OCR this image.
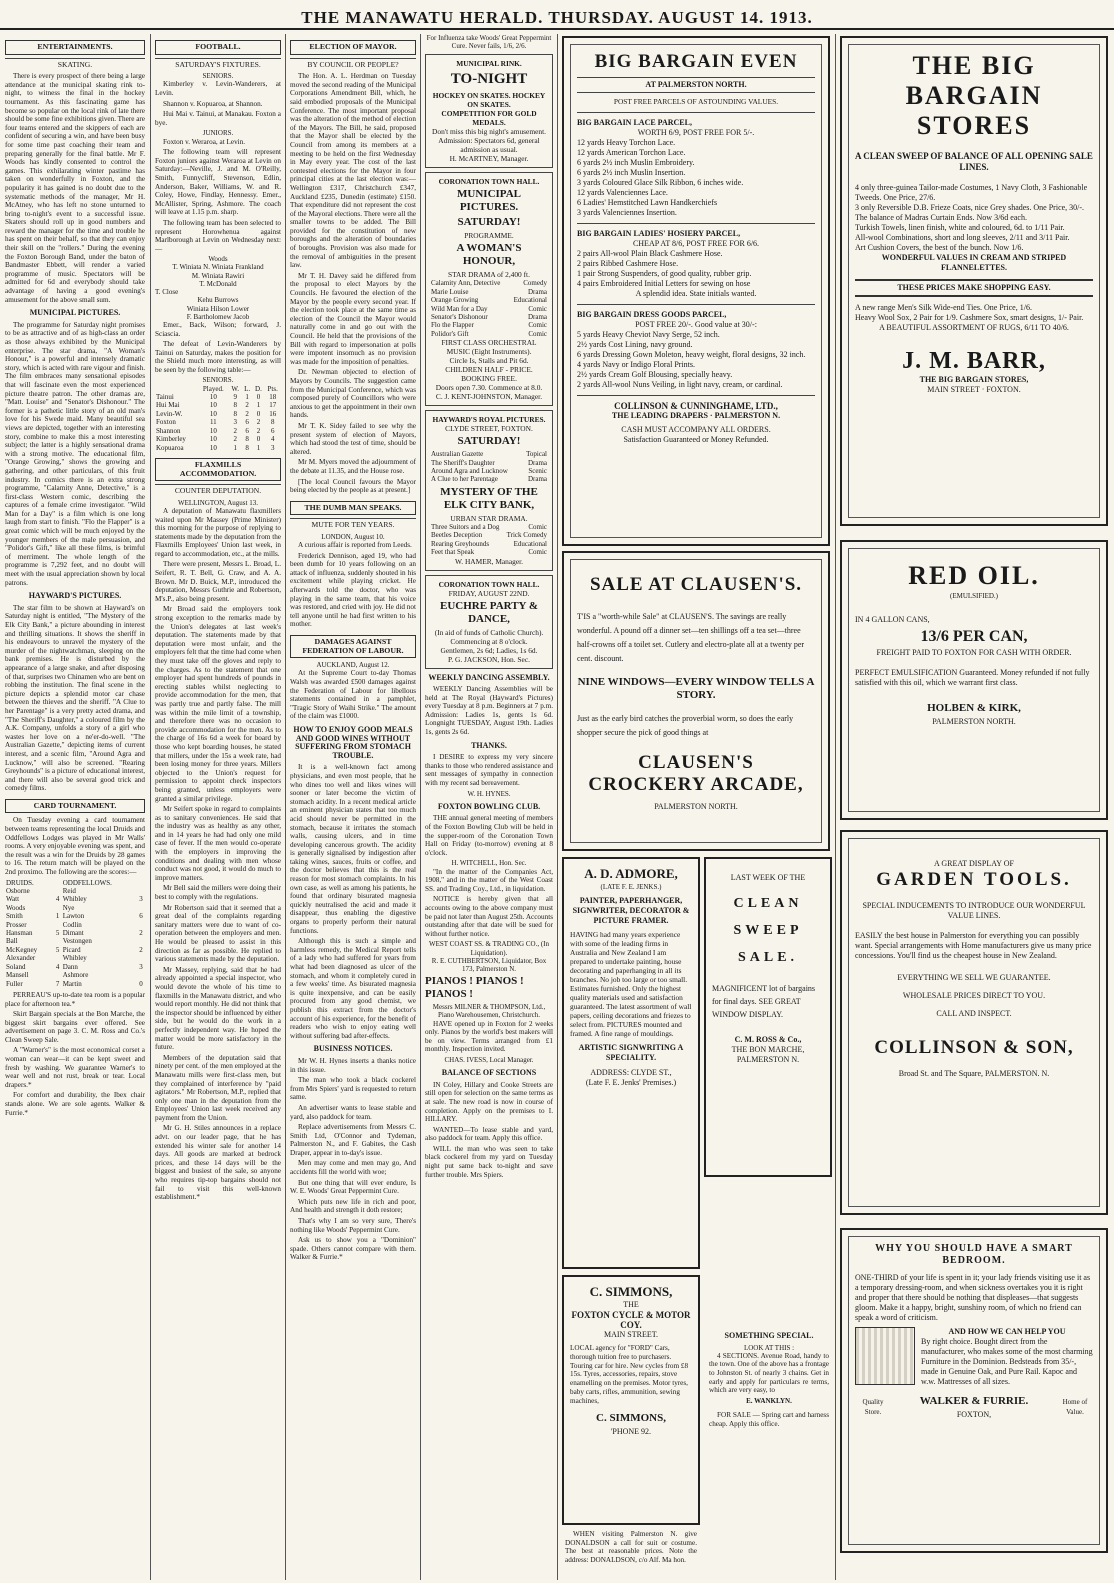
THE MANAWATU HERALD. THURSDAY. AUGUST 14. 1913.
ENTERTAINMENTS.
SKATING.
There is every prospect of there being a large attendance at the municipal skating rink to-night, to witness the final in the hockey tournament. As this fascinating game has become so popular on the local rink of late there should be some fine exhibitions given. There are four teams entered and the skippers of each are confident of securing a win, and have been busy for some time past coaching their team and preparing generally for the final battle. Mr F. Woods has kindly consented to control the games. This exhilarating winter pastime has taken on wonderfully in Foxton, and the popularity it has gained is no doubt due to the systematic methods of the manager, Mr H. McAtney, who has left no stone unturned to bring to-night's event to a successful issue. Skaters should roll up in good numbers and reward the manager for the time and trouble he has spent on their behalf, so that they can enjoy their skill on the "rollers." During the evening the Foxton Borough Band, under the baton of Bandmaster Ebbett, will render a varied programme of music. Spectators will be admitted for 6d and everybody should take advantage of having a good evening's amusement for the above small sum.
MUNICIPAL PICTURES.
The programme for Saturday night promises to be as attractive and of as high-class an order as those always exhibited by the Municipal enterprise. The star drama, "A Woman's Honour," is a powerful and intensely dramatic story, which is acted with rare vigour and finish. The film embraces many sensational episodes that will fascinate even the most experienced picture theatre patron. The other dramas are, "Matt. Louise" and "Senator's Dishonour." The former is a pathetic little story of an old man's love for his Swede maid. Many beautiful sea views are depicted, together with an interesting story, combine to make this a most interesting subject; the latter is a highly sensational drama with a strong motive. The educational film, "Orange Growing," shows the growing and gathering, and other particulars, of this fruit industry. In comics there is an extra strong programme, "Calamity Anne, Detective," is a first-class Western comic, describing the captures of a female crime investigator. "Wild Man for a Day" is a film which is one long laugh from start to finish. "Flo the Flapper" is a great comic which will be much enjoyed by the younger members of the male persuasion, and "Polidor's Gift," like all these films, is brimful of merriment. The whole length of the programme is 7,292 feet, and no doubt will meet with the usual appreciation shown by local patrons.
HAYWARD'S PICTURES.
The star film to be shown at Hayward's on Saturday night is entitled, "The Mystery of the Elk City Bank," a picture abounding in interest and thrilling situations. It shows the sheriff in his endeavours to unravel the mystery of the murder of the nightwatchman, sleeping on the bank premises. He is disturbed by the appearance of a large snake, and after disposing of that, surprises two Chinamen who are bent on robbing the institution. The final scene in the picture depicts a splendid motor car chase between the thieves and the sheriff. "A Clue to her Parentage" is a very pretty acted drama, and "The Sheriff's Daughter," a coloured film by the A.K. Company, unfolds a story of a girl who wastes her love on a ne'er-do-well. "The Australian Gazette," depicting items of current interest, and a scenic film, "Around Agra and Lucknow," will also be screened. "Rearing Greyhounds" is a picture of educational interest, and there will also be several good trick and comedy films.
CARD TOURNAMENT.
On Tuesday evening a card tournament between teams representing the local Druids and Oddfellows Lodges was played in Mr Walls' rooms. A very enjoyable evening was spent, and the result was a win for the Druids by 28 games to 16. The return match will be played on the 2nd proximo. The following are the scores:—
DRUIDS.		ODDFELLOWS.	
Osborne		Reid	
Watt	4	Whibley	3
Woods		Nye	
Smith	1	Lawton	6
Prosser		Codlin	
Hansman	5	Dimant	2
Ball		Vestongen	
McKegney	5	Picard	2
Alexander		Whibley	
Soland	4	Dann	3
Mansell		Ashmore	
Fuller	7	Martin	0
PERREAU'S up-to-date tea room is a popular place for afternoon tea.*
Skirt Bargain specials at the Bon Marche, the biggest skirt bargains ever offered. See advertisement on page 3. C. M. Ross and Co.'s Clean Sweep Sale.
A "Warner's" is the most economical corset a woman can wear—it can be kept sweet and fresh by washing. We guarantee Warner's to wear well and not rust, break or tear. Local drapers.*
For comfort and durability, the Ibex chair stands alone. We are sole agents. Walker & Furrie.*
FOOTBALL.
SATURDAY'S FIXTURES.
SENIORS.
Kimberley v. Levin-Wanderers, at Levin.
Shannon v. Kopuaroa, at Shannon.
Hui Mai v. Tainui, at Manakau. Foxton a bye.
JUNIORS.
Foxton v. Weraroa, at Levin.
The following team will represent Foxton juniors against Weraroa at Levin on Saturday:—Neville, J. and M. O'Reilly, Smith, Funnycliff, Stevenson, Edlin, Anderson, Baker, Williams, W. and R. Coley, Howe, Findlay, Hennessy. Emer., McAllister, Spring, Ashmore. The coach will leave at 1.15 p.m. sharp.
The following team has been selected to represent Horowhenua against Marlborough at Levin on Wednesday next:—
Woods
T. Winiata N. Winiata Frankland
M. Winiata Rawiri
T. McDonald
T. Close
Kehu Burrows
Winiata Hilson Lower
F. Bartholomew Jacob
Emer., Back, Wilson; forward, J. Sciascia.
The defeat of Levin-Wanderers by Tainui on Saturday, makes the position for the Shield much more interesting, as will be seen by the following table:—
SENIORS.
	Played.	W.	L.	D.	Pts.
Tainui	10	9	1	0	18
Hui Mai	10	8	2	1	17
Levin-W.	10	8	2	0	16
Foxton	11	3	6	2	8
Shannon	10	2	6	2	6
Kimberley	10	2	8	0	4
Kopuaroa	10	1	8	1	3
FLAXMILLS ACCOMMODATION.
COUNTER DEPUTATION.
WELLINGTON, August 13.
A deputation of Manawatu flaxmillers waited upon Mr Massey (Prime Minister) this morning for the purpose of replying to statements made by the deputation from the Flaxmills Employees' Union last week, in regard to accommodation, etc., at the mills.
There were present, Messrs L. Broad, L. Seifert, R. T. Bell, G. Craw, and A. A. Brown. Mr D. Buick, M.P., introduced the deputation, Messrs Guthrie and Robertson, M's.P., also being present.
Mr Broad said the employers took strong exception to the remarks made by the Union's delegates at last week's deputation. The statements made by that deputation were most unfair, and the employers felt that the time had come when they must take off the gloves and reply to the charges. As to the statement that one employer had spent hundreds of pounds in erecting stables whilst neglecting to provide accommodation for the men, that was partly true and partly false. The mill was within the mile limit of a township, and therefore there was no occasion to provide accommodation for the men. As to the charge of 16s 6d a week for board by those who kept boarding houses, he stated that millers, under the 15s a week rate, had been losing money for three years. Millers objected to the Union's request for permission to appoint check inspectors being granted, unless employers were granted a similar privilege.
Mr Seifert spoke in regard to complaints as to sanitary conveniences. He said that the industry was as healthy as any other, and in 14 years he had had only one mild case of fever. If the men would co-operate with the employers in improving the conditions and dealing with men whose conduct was not good, it would do much to improve matters.
Mr Bell said the millers were doing their best to comply with the regulations.
Mr Robertson said that it seemed that a great deal of the complaints regarding sanitary matters were due to want of co-operation between the employers and men. He would be pleased to assist in this direction as far as possible. He replied to various statements made by the deputation.
Mr Massey, replying, said that he had already appointed a special inspector, who would devote the whole of his time to flaxmills in the Manawatu district, and who would report monthly. He did not think that the inspector should be influenced by either side, but he would do the work in a perfectly independent way. He hoped the matter would be more satisfactory in the future.
Members of the deputation said that ninety per cent. of the men employed at the Manawatu mills were first-class men, but they complained of interference by "paid agitators." Mr Robertson, M.P., replied that only one man in the deputation from the Employees' Union last week received any payment from the Union.
Mr G. H. Stiles announces in a replace advt. on our leader page, that he has extended his winter sale for another 14 days. All goods are marked at bedrock prices, and these 14 days will be the biggest and busiest of the sale, so anyone who requires tip-top bargains should not fail to visit this well-known establishment.*
ELECTION OF MAYOR.
BY COUNCIL OR PEOPLE?
The Hon. A. L. Herdman on Tuesday moved the second reading of the Municipal Corporations Amendment Bill, which, he said embodied proposals of the Municipal Conference. The most important proposal was the alteration of the method of election of the Mayors. The Bill, he said, proposed that the Mayor shall be elected by the Council from among its members at a meeting to be held on the first Wednesday in May every year. The cost of the last contested elections for the Mayor in four principal cities at the last election was:—Wellington £317, Christchurch £347, Auckland £235, Dunedin (estimate) £150. That expenditure did not represent the cost of the Mayoral elections. There were all the smaller towns to be added. The Bill provided for the constitution of new boroughs and the alteration of boundaries of boroughs. Provision was also made for the removal of ambiguities in the present law.
Mr T. H. Davey said he differed from the proposal to elect Mayors by the Councils. He favoured the election of the Mayor by the people every second year. If the election took place at the same time as election of the Council the Mayor would naturally come in and go out with the Council. He held that the provisions of the Bill with regard to impersonation at polls were impotent insomuch as no provision was made for the imposition of penalties.
Dr. Newman objected to election of Mayors by Councils. The suggestion came from the Municipal Conference, which was composed purely of Councillors who were anxious to get the appointment in their own hands.
Mr T. K. Sidey failed to see why the present system of election of Mayors, which had stood the test of time, should be altered.
Mr M. Myers moved the adjournment of the debate at 11.35, and the House rose.
[The local Council favours the Mayor being elected by the people as at present.]
THE DUMB MAN SPEAKS.
MUTE FOR TEN YEARS.
LONDON, August 10.
A curious affair is reported from Leeds.
Frederick Dennison, aged 19, who had been dumb for 10 years following on an attack of influenza, suddenly shouted in his excitement while playing cricket. He afterwards told the doctor, who was playing in the same team, that his voice was restored, and cried with joy. He did not tell anyone until he had first written to his mother.
DAMAGES AGAINST FEDERATION OF LABOUR.
AUCKLAND, August 12.
At the Supreme Court to-day Thomas Walsh was awarded £500 damages against the Federation of Labour for libellous statements contained in a pamphlet, "Tragic Story of Waihi Strike." The amount of the claim was £1000.
HOW TO ENJOY GOOD MEALS AND GOOD WINES WITHOUT SUFFERING FROM STOMACH TROUBLE.
It is a well-known fact among physicians, and even most people, that he who dines too well and likes wines will sooner or later become the victim of stomach acidity. In a recent medical article an eminent physician states that too much acid should never be permitted in the stomach, because it irritates the stomach walls, causing ulcers, and in time developing cancerous growth. The acidity is generally signalised by indigestion after taking wines, sauces, fruits or coffee, and the doctor believes that this is the real reason for most stomach complaints. In his own case, as well as among his patients, he found that ordinary bisurated magnesia quickly neutralised the acid and made it disappear, thus enabling the digestive organs to properly perform their natural functions.
Although this is such a simple and harmless remedy, the Medical Report tells of a lady who had suffered for years from what had been diagnosed as ulcer of the stomach, and whom it completely cured in a few weeks' time. As bisurated magnesia is quite inexpensive, and can be easily procured from any good chemist, we publish this extract from the doctor's account of his experience, for the benefit of readers who wish to enjoy eating well without suffering bad after-effects.
BUSINESS NOTICES.
Mr W. H. Hynes inserts a thanks notice in this issue.
The man who took a black cockerel from Mrs Spiers' yard is requested to return same.
An advertiser wants to lease stable and yard, also paddock for team.
Replace advertisements from Messrs C. Smith Ltd, O'Connor and Tydeman, Palmerston N., and F. Gabites, the Cash Draper, appear in to-day's issue.
Men may come and men may go, And accidents fill the world with woe;
But one thing that will ever endure, Is W. E. Woods' Great Peppermint Cure.
Which puts new life in rich and poor, And health and strength it doth restore;
That's why I am so very sure, There's nothing like Woods' Peppermint Cure.
Ask us to show you a "Dominion" spade. Others cannot compare with them. Walker & Furrie.*
For Influenza take Woods' Great Peppermint Cure. Never fails, 1/6, 2/6.
MUNICIPAL RINK.
TO-NIGHT
HOCKEY ON SKATES. HOCKEY ON SKATES.
COMPETITION FOR GOLD MEDALS.
Don't miss this big night's amusement.
Admission: Spectators 6d, general admission as usual.
H. McARTNEY, Manager.
CORONATION TOWN HALL.
MUNICIPAL PICTURES.
SATURDAY!
PROGRAMME.
A WOMAN'S HONOUR,
STAR DRAMA of 2,400 ft.
Calamity Ann, Detective	Comedy
Marie Louise	Drama
Orange Growing	Educational
Wild Man for a Day	Comic
Senator's Dishonour	Drama
Flo the Flapper	Comic
Polidor's Gift	Comic
FIRST CLASS ORCHESTRAL MUSIC (Eight Instruments).
Circle Is, Stalls and Pit 6d. CHILDREN HALF - PRICE. BOOKING FREE.
Doors open 7.30. Commence at 8.0.
C. J. KENT-JOHNSTON, Manager.
HAYWARD'S ROYAL PICTURES.
CLYDE STREET, FOXTON.
SATURDAY!
Australian Gazette	Topical
The Sheriff's Daughter	Drama
Around Agra and Lucknow	Scenic
A Clue to her Parentage	Drama
MYSTERY OF THE ELK CITY BANK,
URBAN STAR DRAMA.
Three Suitors and a Dog	Comic
Beetles Deception	Trick Comedy
Rearing Greyhounds	Educational
Feet that Speak	Comic
W. HAMER, Manager.
CORONATION TOWN HALL.
FRIDAY, AUGUST 22ND.
EUCHRE PARTY & DANCE,
(In aid of funds of Catholic Church). Commencing at 8 o'clock.
Gentlemen, 2s 6d; Ladies, 1s 6d.
P. G. JACKSON, Hon. Sec.
WEEKLY DANCING ASSEMBLY.
WEEKLY Dancing Assemblies will be held at The Royal (Hayward's Pictures) every Tuesday at 8 p.m. Beginners at 7 p.m. Admission: Ladies 1s, gents 1s 6d. Longnight TUESDAY, August 19th. Ladies 1s, gents 2s 6d.
THANKS.
I DESIRE to express my very sincere thanks to those who rendered assistance and sent messages of sympathy in connection with my recent sad bereavement.
W. H. HYNES.
FOXTON BOWLING CLUB.
THE annual general meeting of members of the Foxton Bowling Club will be held in the supper-room of the Coronation Town Hall on Friday (to-morrow) evening at 8 o'clock.
H. WITCHELL, Hon. Sec.
"In the matter of the Companies Act, 1908," and in the matter of the West Coast SS. and Trading Coy., Ltd., in liquidation.
NOTICE is hereby given that all accounts owing to the above company must be paid not later than August 25th. Accounts outstanding after that date will be sued for without further notice.
WEST COAST SS. & TRADING CO., (In Liquidation).
R. E. CUTHBERTSON, Liquidator, Box 173, Palmerston N.
PIANOS ! PIANOS ! PIANOS !
Messrs MILNER & THOMPSON, Ltd.,
Piano Warehousemen, Christchurch.
HAVE opened up in Foxton for 2 weeks only. Pianos by the world's best makers will be on view. Terms arranged from £1 monthly. Inspection invited.
CHAS. IVESS, Local Manager.
BALANCE OF SECTIONS
IN Coley, Hillary and Cooke Streets are still open for selection on the same terms as at sale. The new road is now in course of completion. Apply on the premises to I. HILLARY.
WANTED—To lease stable and yard, also paddock for team. Apply this office.
WILL the man who was seen to take black cockerel from my yard on Tuesday night put same back to-night and save further trouble. Mrs Spiers.
BIG BARGAIN EVEN
AT PALMERSTON NORTH.
POST FREE PARCELS OF ASTOUNDING VALUES.
BIG BARGAIN LACE PARCEL,
WORTH 6/9, POST FREE FOR 5/-.
12 yards Heavy Torchon Lace.
12 yards American Torchon Lace.
6 yards 2½ inch Muslin Embroidery.
6 yards 2½ inch Muslin Insertion.
3 yards Coloured Glace Silk Ribbon, 6 inches wide.
12 yards Valenciennes Lace.
6 Ladies' Hemstitched Lawn Handkerchiefs
3 yards Valenciennes Insertion.
BIG BARGAIN LADIES' HOSIERY PARCEL,
CHEAP AT 8/6, POST FREE FOR 6/6.
2 pairs All-wool Plain Black Cashmere Hose.
2 pairs Ribbed Cashmere Hose.
1 pair Strong Suspenders, of good quality, rubber grip.
4 pairs Embroidered Initial Letters for sewing on hose
A splendid idea. State initials wanted.
BIG BARGAIN DRESS GOODS PARCEL,
POST FREE 20/-. Good value at 30/-:
5 yards Heavy Cheviot Navy Serge, 52 inch.
2½ yards Cost Lining, navy ground.
6 yards Dressing Gown Moleton, heavy weight, floral designs, 32 inch.
4 yards Navy or Indigo Floral Prints.
2½ yards Cream Golf Blousing, specially heavy.
2 yards All-wool Nuns Veiling, in light navy, cream, or cardinal.
COLLINSON & CUNNINGHAME, LTD.,
THE LEADING DRAPERS · PALMERSTON N.
CASH MUST ACCOMPANY ALL ORDERS.
Satisfaction Guaranteed or Money Refunded.
SALE AT CLAUSEN'S.
T'IS a "worth-while Sale" at CLAUSEN'S. The savings are really wonderful. A pound off a dinner set—ten shillings off a tea set—three half-crowns off a toilet set. Cutlery and electro-plate all at a twenty per cent. discount.
NINE WINDOWS—EVERY WINDOW TELLS A STORY.
Just as the early bird catches the proverbial worm, so does the early shopper secure the pick of good things at
CLAUSEN'S CROCKERY ARCADE,
PALMERSTON NORTH.
A. D. ADMORE,
(LATE F. E. JENKS.)
PAINTER, PAPERHANGER, SIGNWRITER, DECORATOR & PICTURE FRAMER.
HAVING had many years experience with some of the leading firms in Australia and New Zealand I am prepared to undertake painting, house decorating and paperhanging in all its branches. No job too large or too small. Estimates furnished. Only the highest quality materials used and satisfaction guaranteed. The latest assortment of wall papers, ceiling decorations and friezes to select from. PICTURES mounted and framed. A fine range of mouldings.
ARTISTIC SIGNWRITING A SPECIALITY.
ADDRESS: CLYDE ST.,
(Late F. E. Jenks' Premises.)
C. SIMMONS,
THE
FOXTON CYCLE & MOTOR COY.
MAIN STREET.
LOCAL agency for "FORD" Cars, thorough tuition free to purchasers. Touring car for hire. New cycles from £8 15s. Tyres, accessories, repairs, stove enamelling on the premises. Motor tyres, baby carts, rifles, ammunition, sewing machines,
C. SIMMONS,
'PHONE 92.
WHEN visiting Palmerston N. give DONALDSON a call for suit or costume. The best at reasonable prices. Note the address: DONALDSON, c/o Alf. Ma hon.
LAST WEEK OF THE
CLEAN
SWEEP
SALE.
MAGNIFICENT lot of bargains for final days. SEE GREAT WINDOW DISPLAY.
C. M. ROSS & Co.,
THE BON MARCHE,
PALMERSTON N.
SOMETHING SPECIAL.
LOOK AT THIS :
4 SECTIONS. Avenue Road, handy to the town. One of the above has a frontage to Johnston St. of nearly 3 chains. Get in early and apply for particulars re terms, which are very easy, to
E. WANKLYN.
FOR SALE — Spring cart and harness cheap. Apply this office.
THE BIG BARGAIN STORES
A CLEAN SWEEP OF BALANCE OF ALL OPENING SALE LINES.
4 only three-guinea Tailor-made Costumes, 1 Navy Cloth, 3 Fashionable Tweeds. One Price, 27/6.
3 only Reversible D.B. Frieze Coats, nice Grey shades. One Price, 30/-.
The balance of Madras Curtain Ends. Now 3/6d each.
Turkish Towels, linen finish, white and coloured, 6d. to 1/11 Pair.
All-wool Combinations, short and long sleeves, 2/11 and 3/11 Pair.
Art Cushion Covers, the best of the bunch. Now 1/6.
WONDERFUL VALUES IN CREAM AND STRIPED FLANNELETTES.
THESE PRICES MAKE SHOPPING EASY.
A new range Men's Silk Wide-end Ties. One Price, 1/6.
Heavy Wool Sox, 2 Pair for 1/9. Cashmere Sox, smart designs, 1/- Pair.
A BEAUTIFUL ASSORTMENT OF RUGS, 6/11 TO 40/6.
J. M. BARR,
THE BIG BARGAIN STORES,
MAIN STREET · FOXTON.
RED OIL.
(EMULSIFIED.)
IN 4 GALLON CANS,
13/6 PER CAN,
FREIGHT PAID TO FOXTON FOR CASH WITH ORDER.
PERFECT EMULSIFICATION Guaranteed. Money refunded if not fully satisfied with this oil, which we warrant first class.
HOLBEN & KIRK,
PALMERSTON NORTH.
A GREAT DISPLAY OF
GARDEN TOOLS.
SPECIAL INDUCEMENTS TO INTRODUCE OUR WONDERFUL VALUE LINES.
EASILY the best house in Palmerston for everything you can possibly want. Special arrangements with Home manufacturers give us many price concessions. You'll find us the cheapest house in New Zealand.
EVERYTHING WE SELL WE GUARANTEE.
WHOLESALE PRICES DIRECT TO YOU.
CALL AND INSPECT.
COLLINSON & SON,
Broad St. and The Square, PALMERSTON. N.
WHY YOU SHOULD HAVE A SMART BEDROOM.
ONE-THIRD of your life is spent in it; your lady friends visiting use it as a temporary dressing-room, and when sickness overtakes you it is right and proper that there should be nothing that displeases—that suggests gloom. Make it a happy, bright, sunshiny room, of which no friend can speak a word of criticism.
AND HOW WE CAN HELP YOU
By right choice. Bought direct from the manufacturer, who makes some of the most charming Furniture in the Dominion. Bedsteads from 35/-, made in Genuine Oak, and Pure Rail. Kapoc and w.w. Mattresses of all sizes.
Quality Store.
WALKER & FURRIE.
FOXTON,
Home of Value.
